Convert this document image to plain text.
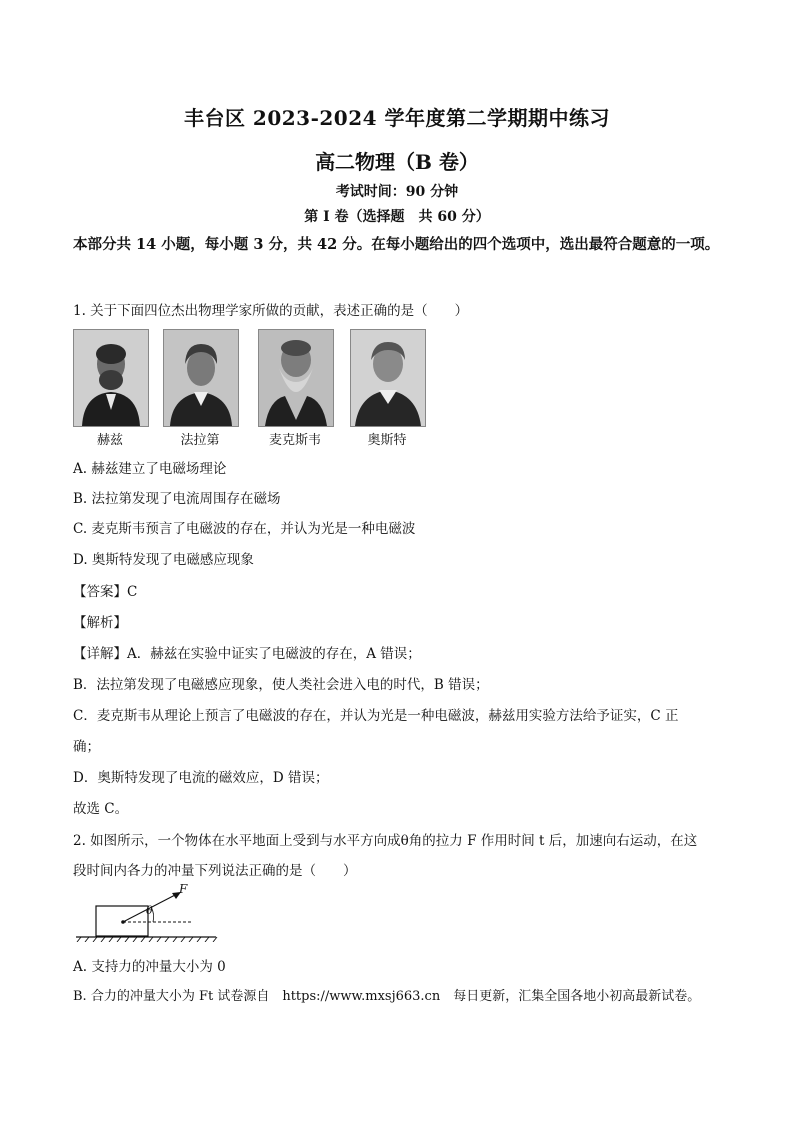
丰台区 2023-2024 学年度第二学期期中练习
高二物理（B 卷）
考试时间：90 分钟
第 I 卷（选择题　共 60 分）
本部分共 14 小题，每小题 3 分，共 42 分。在每小题给出的四个选项中，选出最符合题意的一项。
1. 关于下面四位杰出物理学家所做的贡献，表述正确的是（　　）
赫兹	法拉第	麦克斯韦	奥斯特
A. 赫兹建立了电磁场理论
B. 法拉第发现了电流周围存在磁场
C. 麦克斯韦预言了电磁波的存在，并认为光是一种电磁波
D. 奥斯特发现了电磁感应现象
【答案】C
【解析】
【详解】A．赫兹在实验中证实了电磁波的存在，A 错误；
B．法拉第发现了电磁感应现象，使人类社会进入电的时代，B 错误；
C．麦克斯韦从理论上预言了电磁波的存在，并认为光是一种电磁波，赫兹用实验方法给予证实，C 正
确；
D．奥斯特发现了电流的磁效应，D 错误；
故选 C。
2. 如图所示，一个物体在水平地面上受到与水平方向成θ角的拉力 F 作用时间 t 后，加速向右运动，在这
段时间内各力的冲量下列说法正确的是（　　）
F
θ
A. 支持力的冲量大小为 0
B. 合力的冲量大小为 Ft 试卷源自　https://www.mxsj663.cn　每日更新，汇集全国各地小初高最新试卷。
